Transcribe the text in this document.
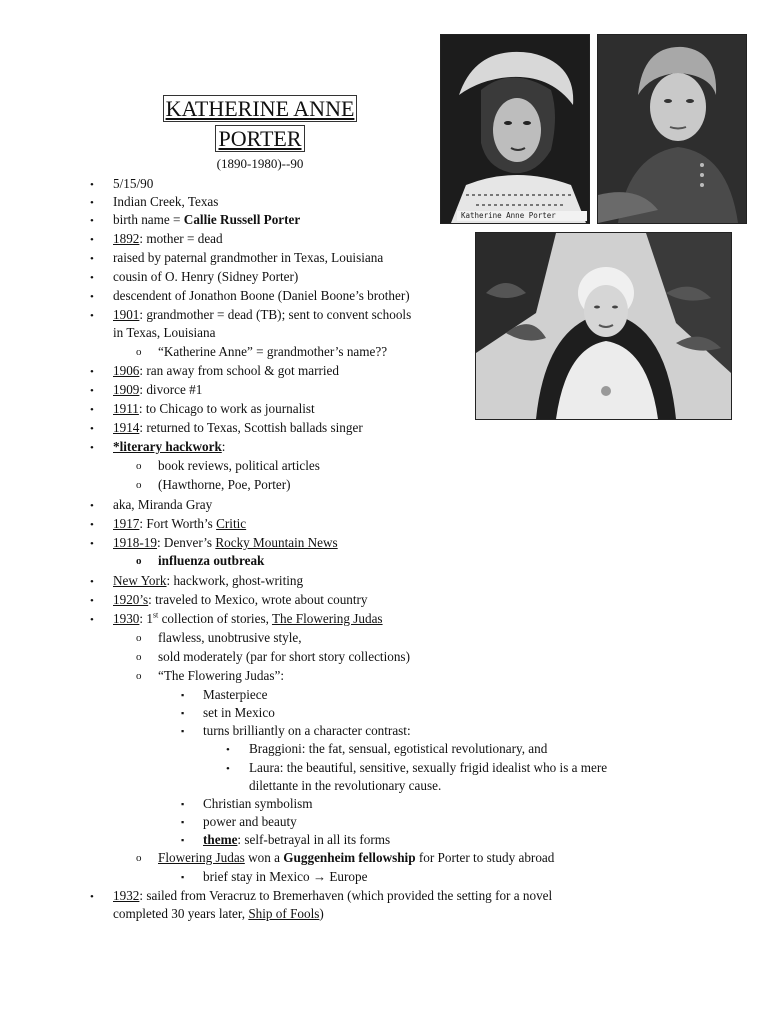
KATHERINE ANNE
PORTER
(1890-1980)--90
• 5/15/90
• Indian Creek, Texas
• birth name = Callie Russell Porter
• 1892: mother = dead
• raised by paternal grandmother in Texas, Louisiana
• cousin of O. Henry (Sidney Porter)
• descendent of Jonathon Boone (Daniel Boone’s brother)
• 1901: grandmother = dead (TB); sent to convent schools
in Texas, Louisiana
o “Katherine Anne” = grandmother’s name??
• 1906: ran away from school & got married
• 1909: divorce #1
• 1911: to Chicago to work as journalist
• 1914: returned to Texas, Scottish ballads singer
• *literary hackwork:
o book reviews, political articles
o (Hawthorne, Poe, Porter)
• aka, Miranda Gray
• 1917: Fort Worth’s Critic
• 1918-19: Denver’s Rocky Mountain News
o influenza outbreak
• New York: hackwork, ghost-writing
• 1920’s: traveled to Mexico, wrote about country
• 1930: 1st collection of stories, The Flowering Judas
o flawless, unobtrusive style,
o sold moderately (par for short story collections)
o “The Flowering Judas”:
▪ Masterpiece
▪ set in Mexico
▪ turns brilliantly on a character contrast:
• Braggioni: the fat, sensual, egotistical revolutionary, and
• Laura: the beautiful, sensitive, sexually frigid idealist who is a mere
dilettante in the revolutionary cause.
▪ Christian symbolism
▪ power and beauty
▪ theme: self-betrayal in all its forms
o Flowering Judas won a Guggenheim fellowship for Porter to study abroad
▪ brief stay in Mexico → Europe
• 1932: sailed from Veracruz to Bremerhaven (which provided the setting for a novel
completed 30 years later, Ship of Fools)
Katherine Anne Porter
